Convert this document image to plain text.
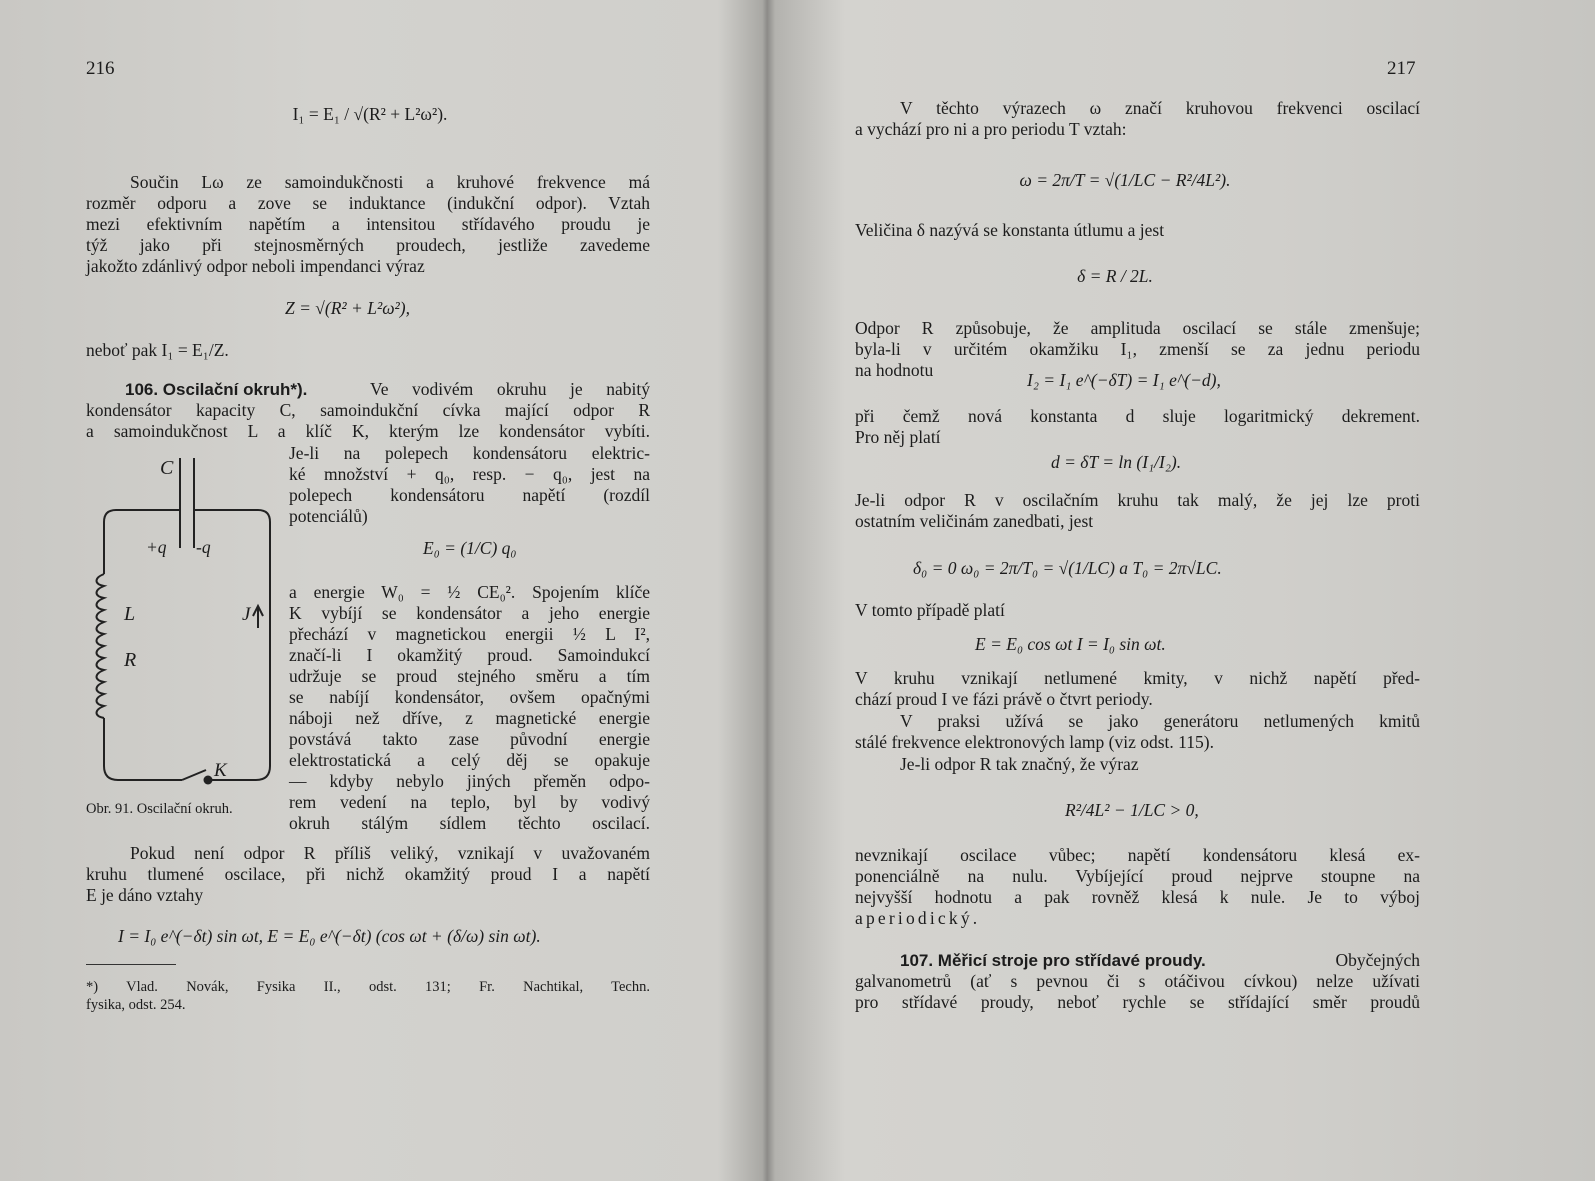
216
I₁ = E₁ / √(R² + L²ω²).
Součin Lω ze samoindukčnosti a kruhové frekvence má
rozměr odporu a zove se induktance (indukční odpor). Vztah
mezi efektivním napětím a intensitou střídavého proudu je
týž jako při stejnosměrných proudech, jestliže zavedeme
jakožto zdánlivý odpor neboli impendanci výraz
Z = √(R² + L²ω²),
neboť pak I₁ = E₁/Z.
106. Oscilační okruh*).	Ve vodivém okruhu je nabitý
kondensátor kapacity C, samoindukční cívka mající odpor R
a samoindukčnost L a klíč K, kterým lze kondensátor vybíti.
C
+q -q
L
R
J
K
Obr. 91. Oscilační okruh.
Je-li na polepech kondensátoru elektric-
ké množství + q₀, resp. − q₀, jest na
polepech kondensátoru napětí (rozdíl
potenciálů)
E₀ = (1/C) q₀
a energie W₀ = ½ CE₀². Spojením klíče
K vybíjí se kondensátor a jeho energie
přechází v magnetickou energii ½ L I²,
značí-li I okamžitý proud. Samoindukcí
udržuje se proud stejného směru a tím
se nabíjí kondensátor, ovšem opačnými
náboji než dříve, z magnetické energie
povstává takto zase původní energie
elektrostatická a celý děj se opakuje
— kdyby nebylo jiných přeměn odpo-
rem vedení na teplo, byl by vodivý
okruh stálým sídlem těchto oscilací.
Pokud není odpor R příliš veliký, vznikají v uvažovaném
kruhu tlumené oscilace, při nichž okamžitý proud I a napětí
E je dáno vztahy
I = I₀ e^(−δt) sin ωt, E = E₀ e^(−δt) (cos ωt + (δ/ω) sin ωt).
*) Vlad. Novák, Fysika II., odst. 131; Fr. Nachtikal, Techn.
fysika, odst. 254.
217
V těchto výrazech ω značí kruhovou frekvenci oscilací
a vychází pro ni a pro periodu T vztah:
ω = 2π/T = √(1/LC − R²/4L²).
Veličina δ nazývá se konstanta útlumu a jest
δ = R / 2L.
Odpor R způsobuje, že amplituda oscilací se stále zmenšuje;
byla-li v určitém okamžiku I₁, zmenší se za jednu periodu
na hodnotu	I₂ = I₁ e^(−δT) = I₁ e^(−d),
při čemž nová konstanta d sluje logaritmický dekrement.
Pro něj platí
d = δT = ln (I₁/I₂).
Je-li odpor R v oscilačním kruhu tak malý, že jej lze proti
ostatním veličinám zanedbati, jest
δ₀ = 0 ω₀ = 2π/T₀ = √(1/LC) a T₀ = 2π√LC.
V tomto případě platí
E = E₀ cos ωt I = I₀ sin ωt.
V kruhu vznikají netlumené kmity, v nichž napětí před-
chází proud I ve fázi právě o čtvrt periody.
V praksi užívá se jako generátoru netlumených kmitů
stálé frekvence elektronových lamp (viz odst. 115).
Je-li odpor R tak značný, že výraz
R²/4L² − 1/LC > 0,
nevznikají oscilace vůbec; napětí kondensátoru klesá ex-
ponenciálně na nulu. Vybíjející proud nejprve stoupne na
nejvyšší hodnotu a pak rovněž klesá k nule. Je to výboj
aperiodický.
107. Měřicí stroje pro střídavé proudy.	Obyčejných
galvanometrů (ať s pevnou či s otáčivou cívkou) nelze užívati
pro střídavé proudy, neboť rychle se střídající směr proudů
